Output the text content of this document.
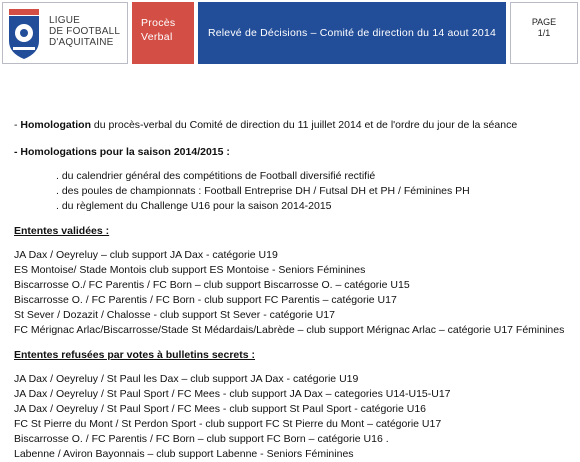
LIGUE
DE FOOTBALL
D'AQUITAINE
Procès
Verbal	Relevé de Décisions – Comité de direction du 14 aout 2014
PAGE
1/1

- Homologation du procès-verbal du Comité de direction du 11 juillet 2014 et de l'ordre du jour de la séance

- Homologations pour la saison 2014/2015 :

. du calendrier général des compétitions de Football diversifié rectifié

. des poules de championnats : Football Entreprise DH / Futsal DH et PH / Féminines PH

. du règlement du Challenge U16 pour la saison 2014-2015

Ententes validées :

JA Dax / Oeyreluy – club support JA Dax - catégorie U19

ES Montoise/ Stade Montois club support ES Montoise - Seniors Féminines

Biscarrosse O./ FC Parentis / FC Born – club support Biscarrosse O. – catégorie U15

Biscarrosse O. / FC Parentis / FC Born - club support FC Parentis – catégorie U17

St Sever / Dozazit / Chalosse - club support St Sever - catégorie U17

FC Mérignac Arlac/Biscarrosse/Stade St Médardais/Labrède – club support Mérignac Arlac – catégorie U17 Féminines

Ententes refusées par votes à bulletins secrets :

JA Dax / Oeyreluy / St Paul les Dax – club support JA Dax - catégorie U19

JA Dax / Oeyreluy / St Paul Sport / FC Mees - club support JA Dax – categories U14-U15-U17

JA Dax / Oeyreluy / St Paul Sport / FC Mees - club support St Paul Sport - catégorie U16

FC St Pierre du Mont / St Perdon Sport - club support FC St Pierre du Mont – catégorie U17

Biscarrosse O. / FC Parentis / FC Born – club support FC Born – catégorie U16 .

Labenne / Aviron Bayonnais – club support Labenne - Seniors Féminines
